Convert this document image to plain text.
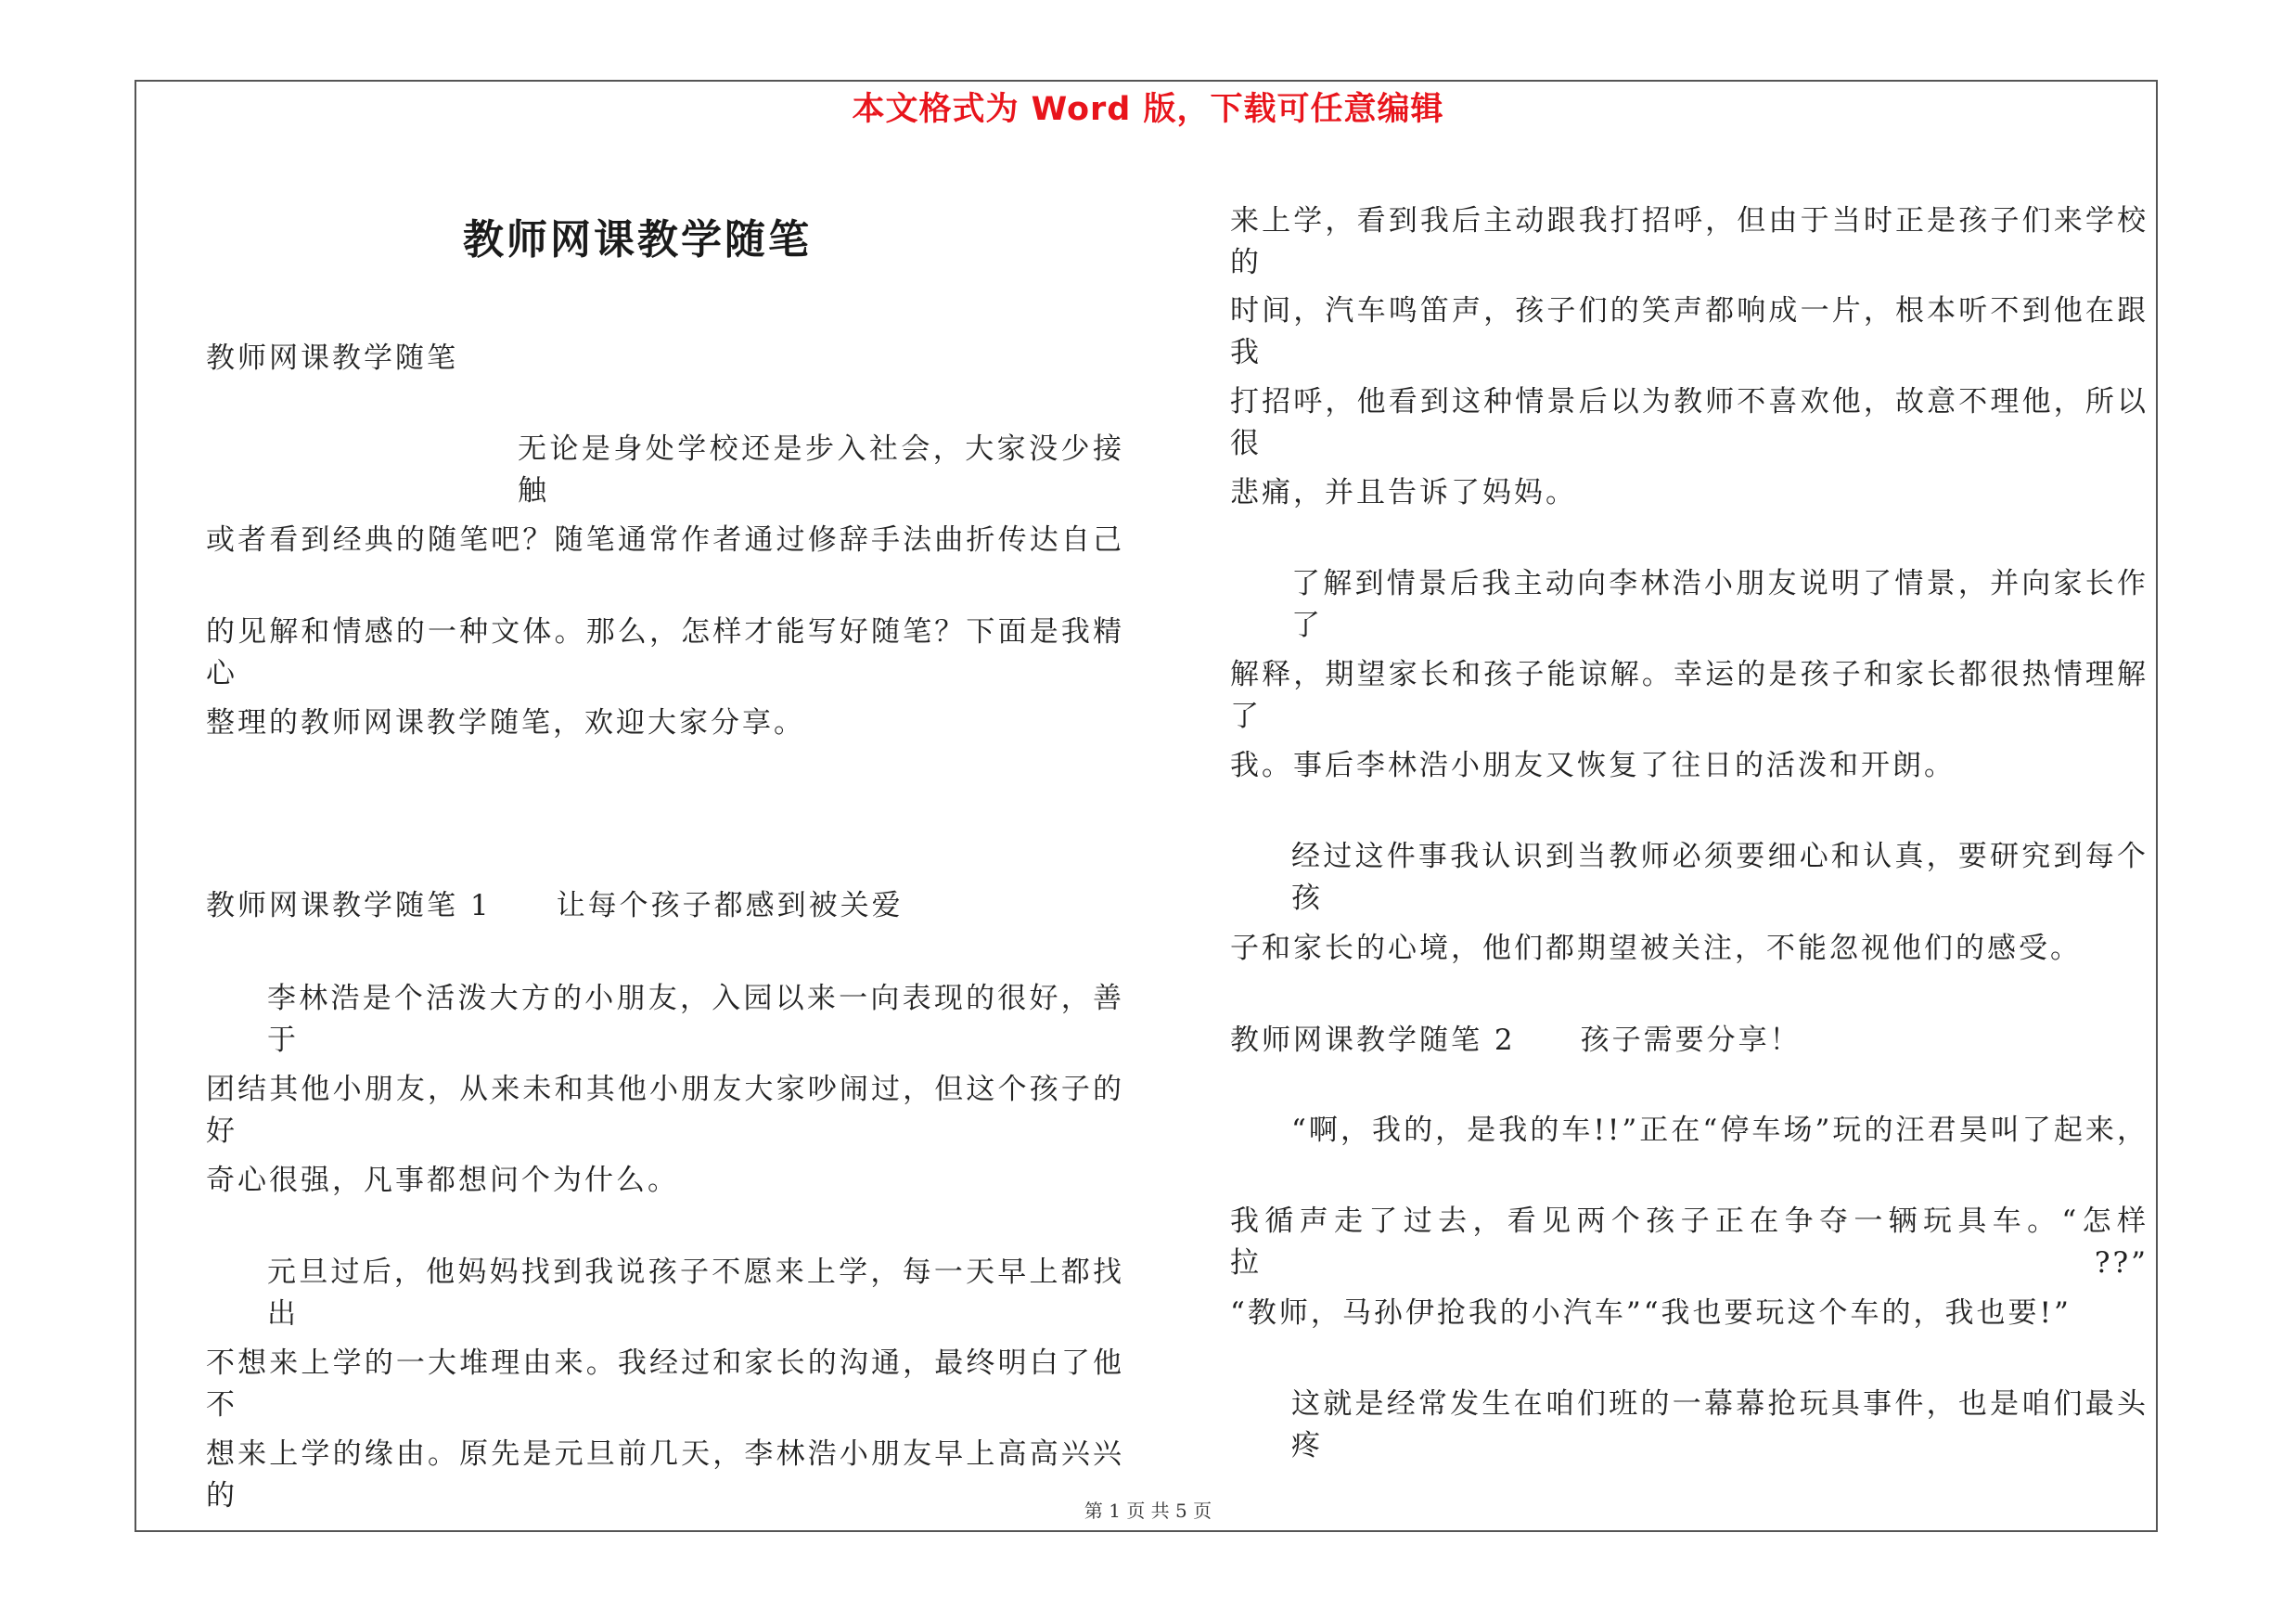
本文格式为 Word 版，下载可任意编辑
教师网课教学随笔
教师网课教学随笔
无论是身处学校还是步入社会，大家没少接触
或者看到经典的随笔吧？随笔通常作者通过修辞手法曲折传达自己
的见解和情感的一种文体。那么，怎样才能写好随笔？下面是我精心
整理的教师网课教学随笔，欢迎大家分享。
教师网课教学随笔 1 让每个孩子都感到被关爱
李林浩是个活泼大方的小朋友，入园以来一向表现的很好，善于
团结其他小朋友，从来未和其他小朋友大家吵闹过，但这个孩子的好
奇心很强，凡事都想问个为什么。
元旦过后，他妈妈找到我说孩子不愿来上学，每一天早上都找出
不想来上学的一大堆理由来。我经过和家长的沟通，最终明白了他不
想来上学的缘由。原先是元旦前几天，李林浩小朋友早上高高兴兴的
来上学，看到我后主动跟我打招呼，但由于当时正是孩子们来学校的
时间，汽车鸣笛声，孩子们的笑声都响成一片，根本听不到他在跟我
打招呼，他看到这种情景后以为教师不喜欢他，故意不理他，所以很
悲痛，并且告诉了妈妈。
了解到情景后我主动向李林浩小朋友说明了情景，并向家长作了
解释，期望家长和孩子能谅解。幸运的是孩子和家长都很热情理解了
我。事后李林浩小朋友又恢复了往日的活泼和开朗。
经过这件事我认识到当教师必须要细心和认真，要研究到每个孩
子和家长的心境，他们都期望被关注，不能忽视他们的感受。
教师网课教学随笔 2 孩子需要分享！
“啊，我的，是我的车!!”正在“停车场”玩的汪君昊叫了起来，
我循声走了过去，看见两个孩子正在争夺一辆玩具车。“怎样拉??”
“教师，马孙伊抢我的小汽车”“我也要玩这个车的，我也要!”
这就是经常发生在咱们班的一幕幕抢玩具事件，也是咱们最头疼
第 1 页 共 5 页
